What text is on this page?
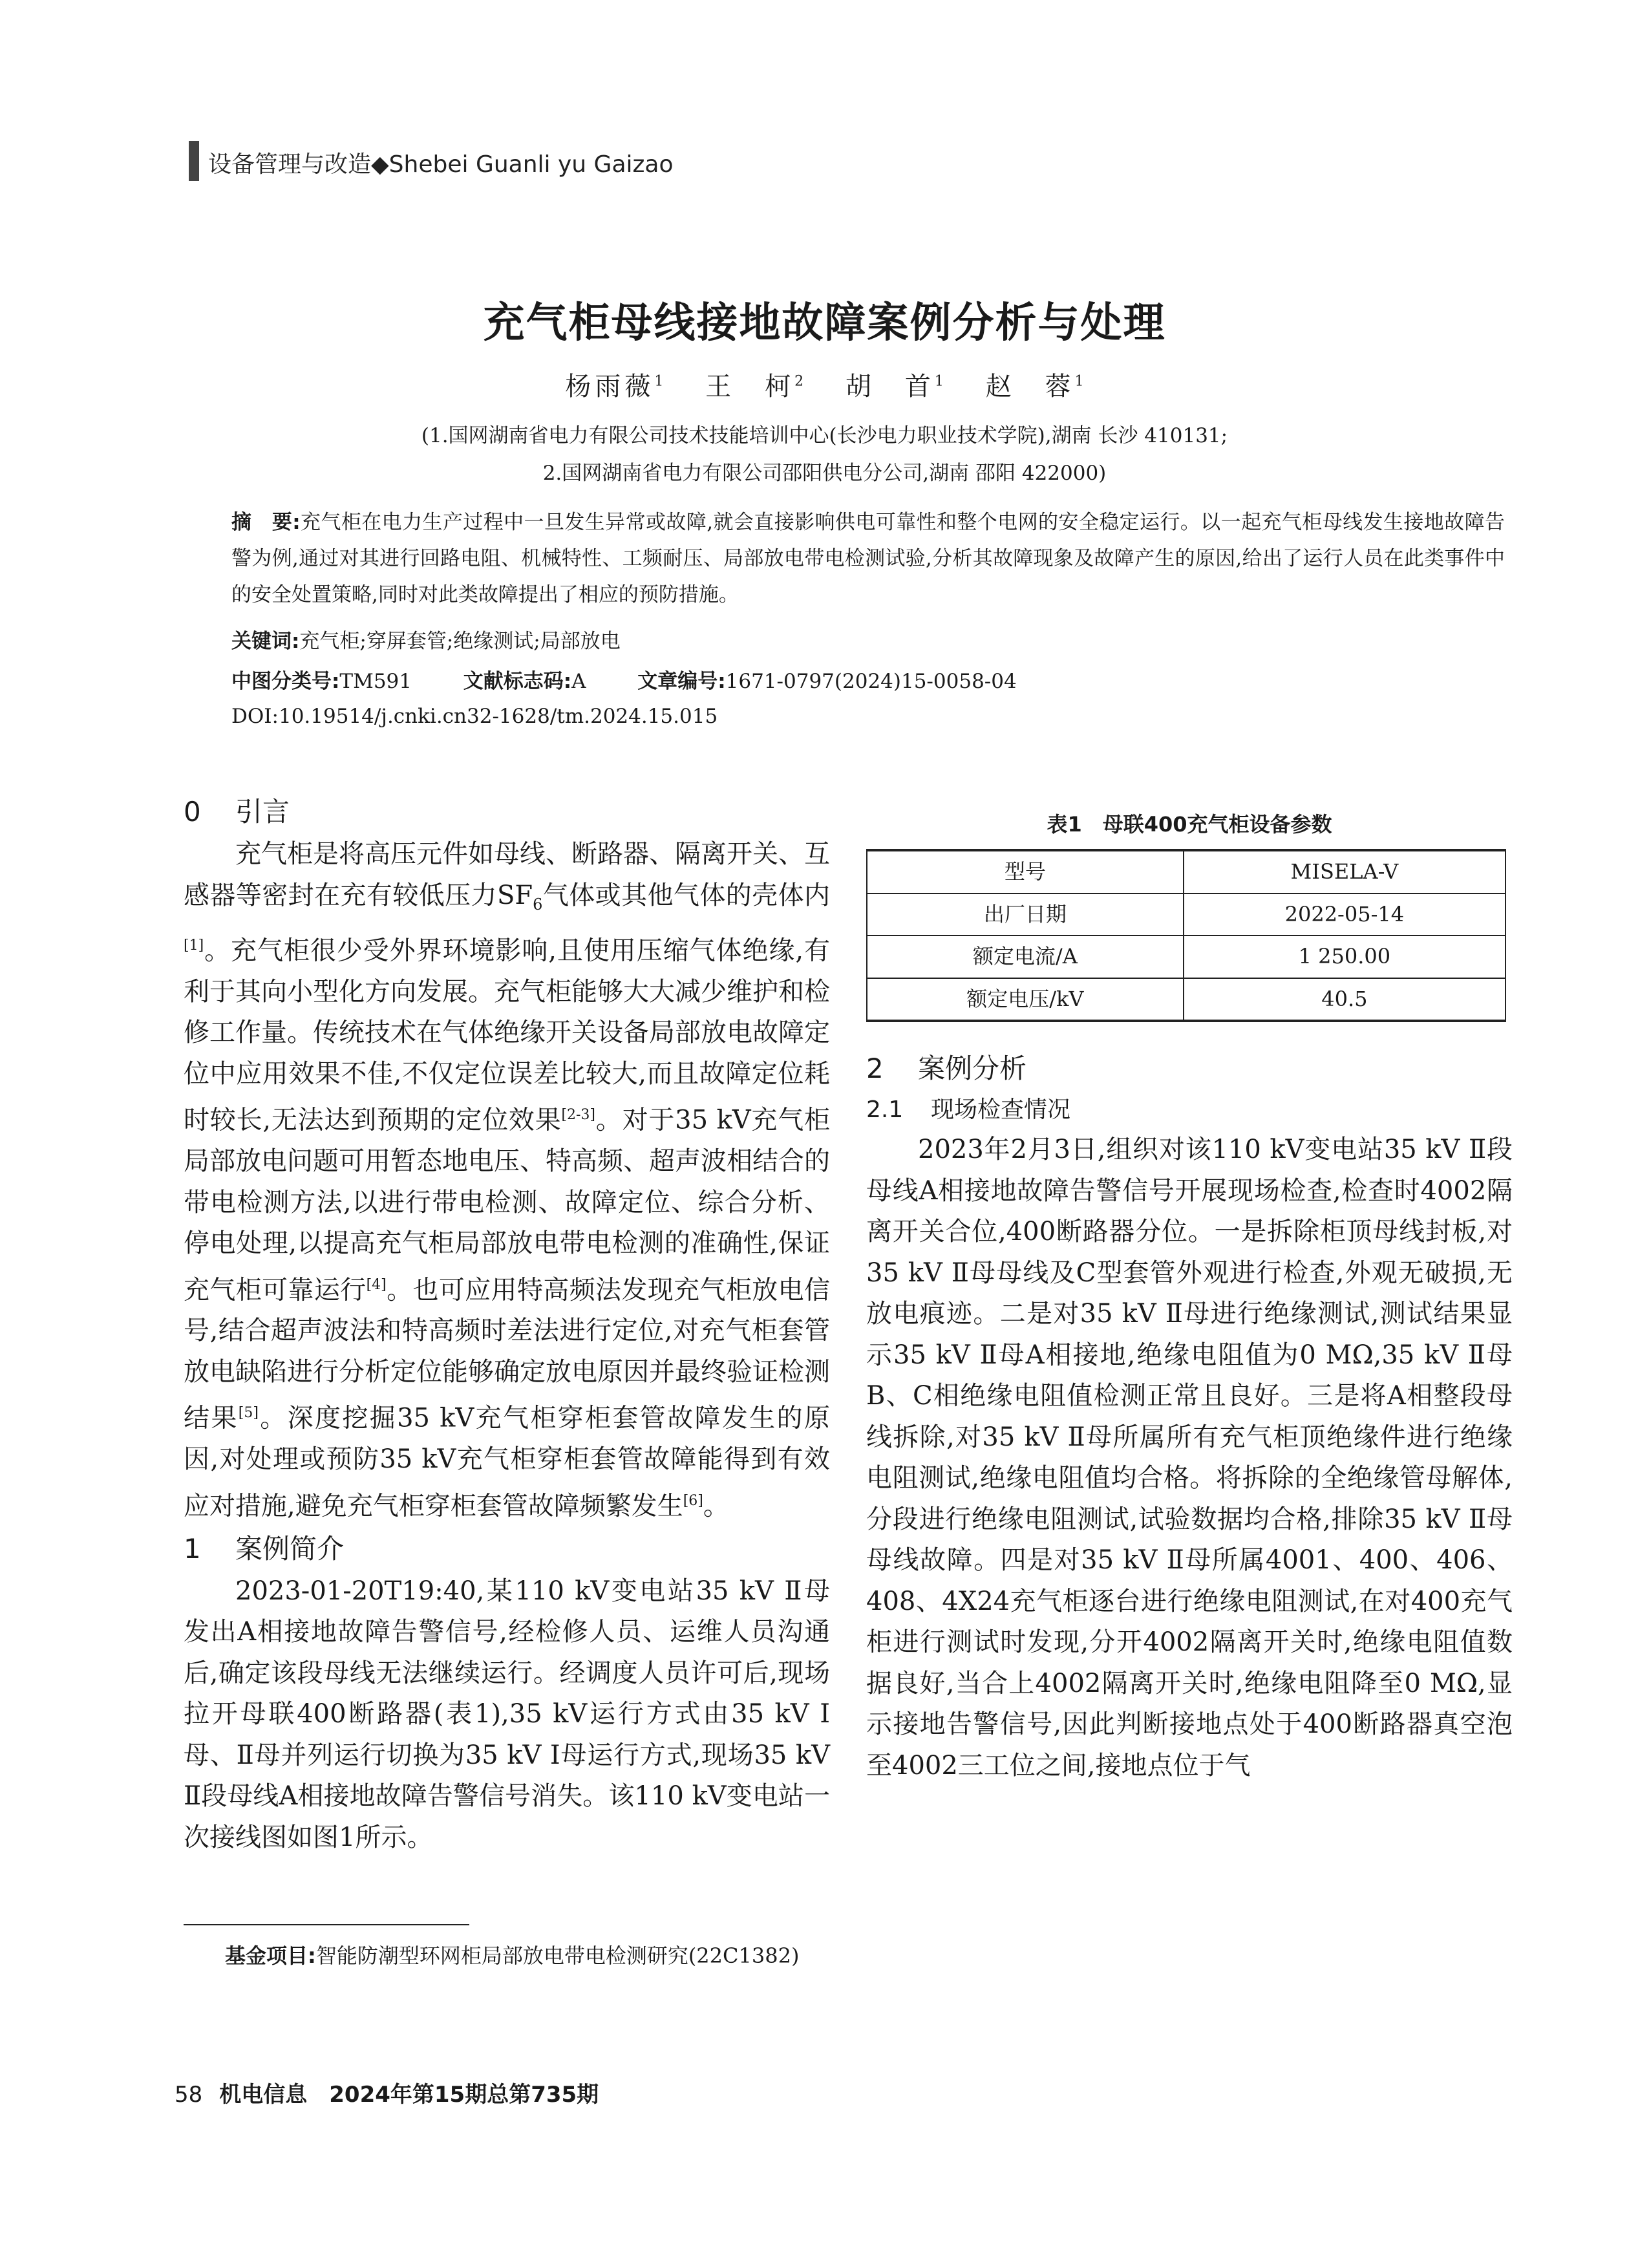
设备管理与改造◆Shebei Guanli yu Gaizao
充气柜母线接地故障案例分析与处理
杨雨薇$^1$　 王　柯$^2$　 胡　首$^1$　 赵　蓉$^1$
(1.国网湖南省电力有限公司技术技能培训中心(长沙电力职业技术学院),湖南 长沙 410131;
2.国网湖南省电力有限公司邵阳供电分公司,湖南 邵阳 422000)
摘　要:充气柜在电力生产过程中一旦发生异常或故障,就会直接影响供电可靠性和整个电网的安全稳定运行。以一起充气柜母线发生接地故障告警为例,通过对其进行回路电阻、机械特性、工频耐压、局部放电带电检测试验,分析其故障现象及故障产生的原因,给出了运行人员在此类事件中的安全处置策略,同时对此类故障提出了相应的预防措施。
关键词:充气柜;穿屏套管;绝缘测试;局部放电
中图分类号:TM591	文献标志码:A	文章编号:1671-0797(2024)15-0058-04
DOI:10.19514/j.cnki.cn32-1628/tm.2024.15.015
0 引言

充气柜是将高压元件如母线、断路器、隔离开关、互感器等密封在充有较低压力$SF_6$气体或其他气体的壳体内[1]。充气柜很少受外界环境影响,且使用压缩气体绝缘,有利于其向小型化方向发展。充气柜能够大大减少维护和检修工作量。传统技术在气体绝缘开关设备局部放电故障定位中应用效果不佳,不仅定位误差比较大,而且故障定位耗时较长,无法达到预期的定位效果[2-3]。对于35 kV充气柜局部放电问题可用暂态地电压、特高频、超声波相结合的带电检测方法,以进行带电检测、故障定位、综合分析、停电处理,以提高充气柜局部放电带电检测的准确性,保证充气柜可靠运行[4]。也可应用特高频法发现充气柜放电信号,结合超声波法和特高频时差法进行定位,对充气柜套管放电缺陷进行分析定位能够确定放电原因并最终验证检测结果[5]。深度挖掘35 kV充气柜穿柜套管故障发生的原因,对处理或预防35 kV充气柜穿柜套管故障能得到有效应对措施,避免充气柜穿柜套管故障频繁发生[6]。

1 案例简介

2023-01-20T19:40,某110 kV变电站35 kV Ⅱ母发出A相接地故障告警信号,经检修人员、运维人员沟通后,确定该段母线无法继续运行。经调度人员许可后,现场拉开母联400断路器(表1),35 kV运行方式由35 kV Ⅰ母、Ⅱ母并列运行切换为35 kV Ⅰ母运行方式,现场35 kV Ⅱ段母线A相接地故障告警信号消失。该110 kV变电站一次接线图如图1所示。

表1　母联400充气柜设备参数
型号	MISELA-V
出厂日期	2022-05-14
额定电流/A	1 250.00
额定电压/kV	40.5
2 案例分析
2.1 现场检查情况

2023年2月3日,组织对该110 kV变电站35 kV Ⅱ段母线A相接地故障告警信号开展现场检查,检查时4002隔离开关合位,400断路器分位。一是拆除柜顶母线封板,对35 kV Ⅱ母母线及C型套管外观进行检查,外观无破损,无放电痕迹。二是对35 kV Ⅱ母进行绝缘测试,测试结果显示35 kV Ⅱ母A相接地,绝缘电阻值为0 MΩ,35 kV Ⅱ母B、C相绝缘电阻值检测正常且良好。三是将A相整段母线拆除,对35 kV Ⅱ母所属所有充气柜顶绝缘件进行绝缘电阻测试,绝缘电阻值均合格。将拆除的全绝缘管母解体,分段进行绝缘电阻测试,试验数据均合格,排除35 kV Ⅱ母母线故障。四是对35 kV Ⅱ母所属4001、400、406、408、4X24充气柜逐台进行绝缘电阻测试,在对400充气柜进行测试时发现,分开4002隔离开关时,绝缘电阻值数据良好,当合上4002隔离开关时,绝缘电阻降至0 MΩ,显示接地告警信号,因此判断接地点处于400断路器真空泡至4002三工位之间,接地点位于气

基金项目:智能防潮型环网柜局部放电带电检测研究(22C1382)
58 机电信息　2024年第15期总第735期
